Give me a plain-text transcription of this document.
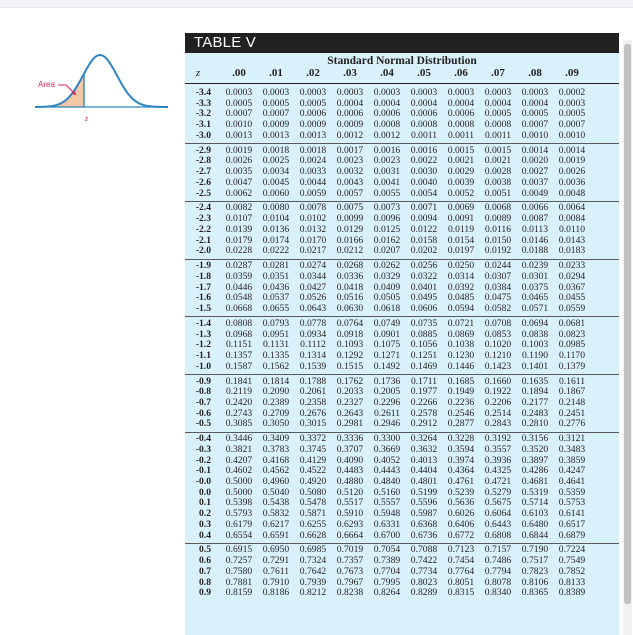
Area
z
TABLE V
Standard Normal Distribution
z	.00	.01	.02	.03	.04	.05	.06	.07	.08	.09
-3.4	0.0003	0.0003	0.0003	0.0003	0.0003	0.0003	0.0003	0.0003	0.0003	0.0002
-3.3	0.0005	0.0005	0.0005	0.0004	0.0004	0.0004	0.0004	0.0004	0.0004	0.0003
-3.2	0.0007	0.0007	0.0006	0.0006	0.0006	0.0006	0.0006	0.0005	0.0005	0.0005
-3.1	0.0010	0.0009	0.0009	0.0009	0.0008	0.0008	0.0008	0.0008	0.0007	0.0007
-3.0	0.0013	0.0013	0.0013	0.0012	0.0012	0.0011	0.0011	0.0011	0.0010	0.0010
-2.9	0.0019	0.0018	0.0018	0.0017	0.0016	0.0016	0.0015	0.0015	0.0014	0.0014
-2.8	0.0026	0.0025	0.0024	0.0023	0.0023	0.0022	0.0021	0.0021	0.0020	0.0019
-2.7	0.0035	0.0034	0.0033	0.0032	0.0031	0.0030	0.0029	0.0028	0.0027	0.0026
-2.6	0.0047	0.0045	0.0044	0.0043	0.0041	0.0040	0.0039	0.0038	0.0037	0.0036
-2.5	0.0062	0.0060	0.0059	0.0057	0.0055	0.0054	0.0052	0.0051	0.0049	0.0048
-2.4	0.0082	0.0080	0.0078	0.0075	0.0073	0.0071	0.0069	0.0068	0.0066	0.0064
-2.3	0.0107	0.0104	0.0102	0.0099	0.0096	0.0094	0.0091	0.0089	0.0087	0.0084
-2.2	0.0139	0.0136	0.0132	0.0129	0.0125	0.0122	0.0119	0.0116	0.0113	0.0110
-2.1	0.0179	0.0174	0.0170	0.0166	0.0162	0.0158	0.0154	0.0150	0.0146	0.0143
-2.0	0.0228	0.0222	0.0217	0.0212	0.0207	0.0202	0.0197	0.0192	0.0188	0.0183
-1.9	0.0287	0.0281	0.0274	0.0268	0.0262	0.0256	0.0250	0.0244	0.0239	0.0233
-1.8	0.0359	0.0351	0.0344	0.0336	0.0329	0.0322	0.0314	0.0307	0.0301	0.0294
-1.7	0.0446	0.0436	0.0427	0.0418	0.0409	0.0401	0.0392	0.0384	0.0375	0.0367
-1.6	0.0548	0.0537	0.0526	0.0516	0.0505	0.0495	0.0485	0.0475	0.0465	0.0455
-1.5	0.0668	0.0655	0.0643	0.0630	0.0618	0.0606	0.0594	0.0582	0.0571	0.0559
-1.4	0.0808	0.0793	0.0778	0.0764	0.0749	0.0735	0.0721	0.0708	0.0694	0.0681
-1.3	0.0968	0.0951	0.0934	0.0918	0.0901	0.0885	0.0869	0.0853	0.0838	0.0823
-1.2	0.1151	0.1131	0.1112	0.1093	0.1075	0.1056	0.1038	0.1020	0.1003	0.0985
-1.1	0.1357	0.1335	0.1314	0.1292	0.1271	0.1251	0.1230	0.1210	0.1190	0.1170
-1.0	0.1587	0.1562	0.1539	0.1515	0.1492	0.1469	0.1446	0.1423	0.1401	0.1379
-0.9	0.1841	0.1814	0.1788	0.1762	0.1736	0.1711	0.1685	0.1660	0.1635	0.1611
-0.8	0.2119	0.2090	0.2061	0.2033	0.2005	0.1977	0.1949	0.1922	0.1894	0.1867
-0.7	0.2420	0.2389	0.2358	0.2327	0.2296	0.2266	0.2236	0.2206	0.2177	0.2148
-0.6	0.2743	0.2709	0.2676	0.2643	0.2611	0.2578	0.2546	0.2514	0.2483	0.2451
-0.5	0.3085	0.3050	0.3015	0.2981	0.2946	0.2912	0.2877	0.2843	0.2810	0.2776
-0.4	0.3446	0.3409	0.3372	0.3336	0.3300	0.3264	0.3228	0.3192	0.3156	0.3121
-0.3	0.3821	0.3783	0.3745	0.3707	0.3669	0.3632	0.3594	0.3557	0.3520	0.3483
-0.2	0.4207	0.4168	0.4129	0.4090	0.4052	0.4013	0.3974	0.3936	0.3897	0.3859
-0.1	0.4602	0.4562	0.4522	0.4483	0.4443	0.4404	0.4364	0.4325	0.4286	0.4247
-0.0	0.5000	0.4960	0.4920	0.4880	0.4840	0.4801	0.4761	0.4721	0.4681	0.4641
0.0	0.5000	0.5040	0.5080	0.5120	0.5160	0.5199	0.5239	0.5279	0.5319	0.5359
0.1	0.5398	0.5438	0.5478	0.5517	0.5557	0.5596	0.5636	0.5675	0.5714	0.5753
0.2	0.5793	0.5832	0.5871	0.5910	0.5948	0.5987	0.6026	0.6064	0.6103	0.6141
0.3	0.6179	0.6217	0.6255	0.6293	0.6331	0.6368	0.6406	0.6443	0.6480	0.6517
0.4	0.6554	0.6591	0.6628	0.6664	0.6700	0.6736	0.6772	0.6808	0.6844	0.6879
0.5	0.6915	0.6950	0.6985	0.7019	0.7054	0.7088	0.7123	0.7157	0.7190	0.7224
0.6	0.7257	0.7291	0.7324	0.7357	0.7389	0.7422	0.7454	0.7486	0.7517	0.7549
0.7	0.7580	0.7611	0.7642	0.7673	0.7704	0.7734	0.7764	0.7794	0.7823	0.7852
0.8	0.7881	0.7910	0.7939	0.7967	0.7995	0.8023	0.8051	0.8078	0.8106	0.8133
0.9	0.8159	0.8186	0.8212	0.8238	0.8264	0.8289	0.8315	0.8340	0.8365	0.8389
